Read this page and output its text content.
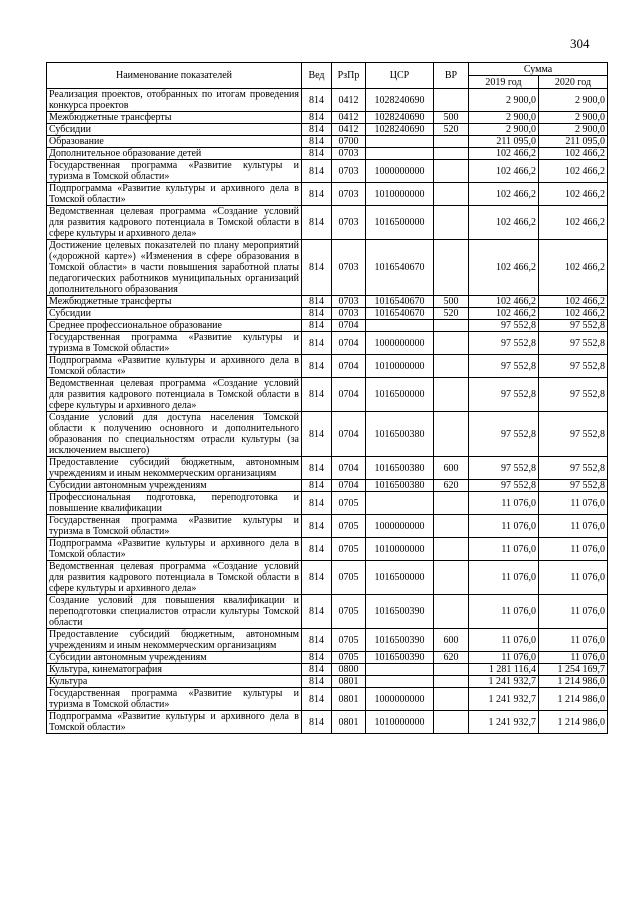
304
Наименование показателей	Вед	РзПр	ЦСР	ВР	Сумма	
					2019 год	2020 год
Реализация проектов, отобранных по итогам проведения конкурса проектов	814	0412	1028240690		2 900,0	2 900,0
Межбюджетные трансферты	814	0412	1028240690	500	2 900,0	2 900,0
Субсидии	814	0412	1028240690	520	2 900,0	2 900,0
Образование	814	0700			211 095,0	211 095,0
Дополнительное образование детей	814	0703			102 466,2	102 466,2
Государственная программа «Развитие культуры и туризма в Томской области»	814	0703	1000000000		102 466,2	102 466,2
Подпрограмма «Развитие культуры и архивного дела в Томской области»	814	0703	1010000000		102 466,2	102 466,2
Ведомственная целевая программа «Создание условий для развития кадрового потенциала в Томской области в сфере культуры и архивного дела»	814	0703	1016500000		102 466,2	102 466,2
Достижение целевых показателей по плану мероприятий («дорожной карте») «Изменения в сфере образования в Томской области» в части повышения заработной платы педагогических работников муниципальных организаций дополнительного образования	814	0703	1016540670		102 466,2	102 466,2
Межбюджетные трансферты	814	0703	1016540670	500	102 466,2	102 466,2
Субсидии	814	0703	1016540670	520	102 466,2	102 466,2
Среднее профессиональное образование	814	0704			97 552,8	97 552,8
Государственная программа «Развитие культуры и туризма в Томской области»	814	0704	1000000000		97 552,8	97 552,8
Подпрограмма «Развитие культуры и архивного дела в Томской области»	814	0704	1010000000		97 552,8	97 552,8
Ведомственная целевая программа «Создание условий для развития кадрового потенциала в Томской области в сфере культуры и архивного дела»	814	0704	1016500000		97 552,8	97 552,8
Создание условий для доступа населения Томской области к получению основного и дополнительного образования по специальностям отрасли культуры (за исключением высшего)	814	0704	1016500380		97 552,8	97 552,8
Предоставление субсидий бюджетным, автономным учреждениям и иным некоммерческим организациям	814	0704	1016500380	600	97 552,8	97 552,8
Субсидии автономным учреждениям	814	0704	1016500380	620	97 552,8	97 552,8
Профессиональная подготовка, переподготовка и повышение квалификации	814	0705			11 076,0	11 076,0
Государственная программа «Развитие культуры и туризма в Томской области»	814	0705	1000000000		11 076,0	11 076,0
Подпрограмма «Развитие культуры и архивного дела в Томской области»	814	0705	1010000000		11 076,0	11 076,0
Ведомственная целевая программа «Создание условий для развития кадрового потенциала в Томской области в сфере культуры и архивного дела»	814	0705	1016500000		11 076,0	11 076,0
Создание условий для повышения квалификации и переподготовки специалистов отрасли культуры Томской области	814	0705	1016500390		11 076,0	11 076,0
Предоставление субсидий бюджетным, автономным учреждениям и иным некоммерческим организациям	814	0705	1016500390	600	11 076,0	11 076,0
Субсидии автономным учреждениям	814	0705	1016500390	620	11 076,0	11 076,0
Культура, кинематография	814	0800			1 281 116,4	1 254 169,7
Культура	814	0801			1 241 932,7	1 214 986,0
Государственная программа «Развитие культуры и туризма в Томской области»	814	0801	1000000000		1 241 932,7	1 214 986,0
Подпрограмма «Развитие культуры и архивного дела в Томской области»	814	0801	1010000000		1 241 932,7	1 214 986,0
